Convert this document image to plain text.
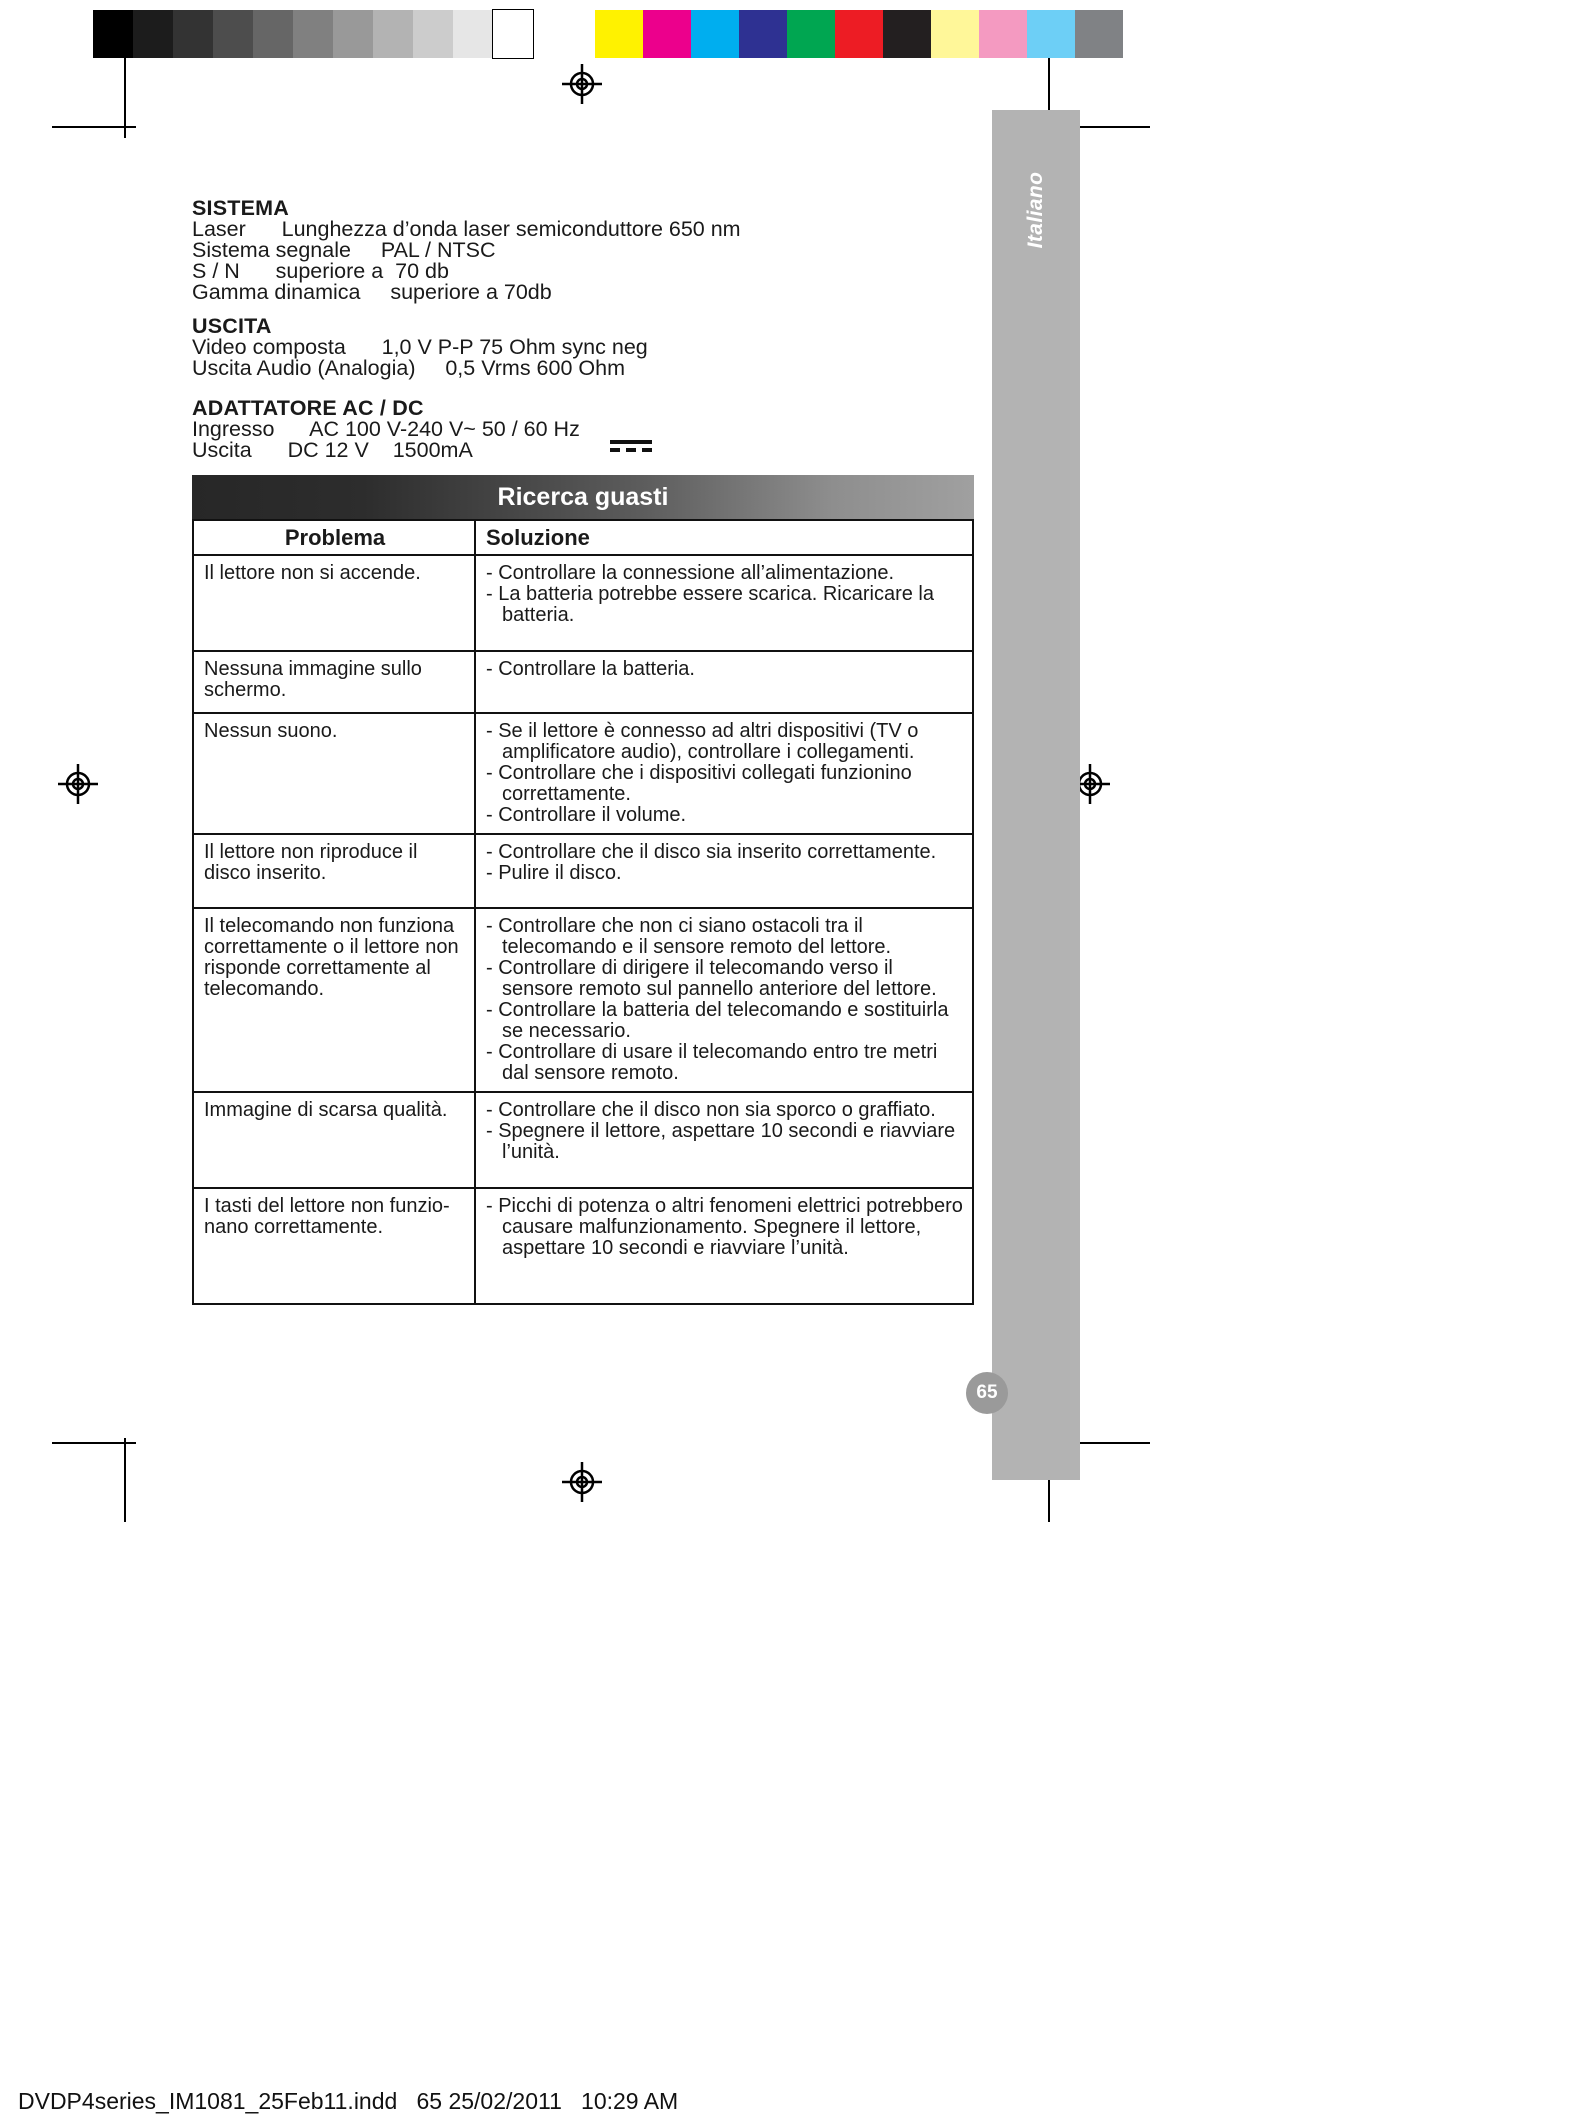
Italiano
SISTEMA
Laser      Lunghezza d’onda laser semiconduttore 650 nm
Sistema segnale     PAL / NTSC
S / N      superiore a  70 db
Gamma dinamica     superiore a 70db
USCITA
Video composta      1,0 V P-P 75 Ohm sync neg
Uscita Audio (Analogia)     0,5 Vrms 600 Ohm
ADATTATORE AC / DC
Ingresso      AC 100 V-240 V~ 50 / 60 Hz
Uscita      DC 12 V    1500mA
Ricerca guasti
Problema	Soluzione
Il lettore non si accende.	- Controllare la connessione all’alimentazione.
- La batteria potrebbe essere scarica. Ricaricare la batteria.

Nessuna immagine sullo schermo.	- Controllare la batteria.

Nessun suono.	- Se il lettore è connesso ad altri dispositivi (TV o amplificatore audio), controllare i collegamenti.
- Controllare che i dispositivi collegati funzionino correttamente.
- Controllare il volume.

Il lettore non riproduce il disco inserito.	- Controllare che il disco sia inserito correttamente.
- Pulire il disco.

Il telecomando non funziona correttamente o il lettore non risponde correttamente al telecomando.	- Controllare che non ci siano ostacoli tra il telecomando e il sensore remoto del lettore.
- Controllare di dirigere il telecomando verso il sensore remoto sul pannello anteriore del lettore.
- Controllare la batteria del telecomando e sostituirla se necessario.
- Controllare di usare il telecomando entro tre metri dal sensore remoto.

Immagine di scarsa qualità.	- Controllare che il disco non sia sporco o graffiato.
- Spegnere il lettore, aspettare 10 secondi e riavviare l’unità.

I tasti del lettore non funzio-nano correttamente.	- Picchi di potenza o altri fenomeni elettrici potrebbero causare malfunzionamento. Spegnere il lettore, aspettare 10 secondi e riavviare l’unità.
65
DVDP4series_IM1081_25Feb11.indd   65 25/02/2011   10:29 AM
